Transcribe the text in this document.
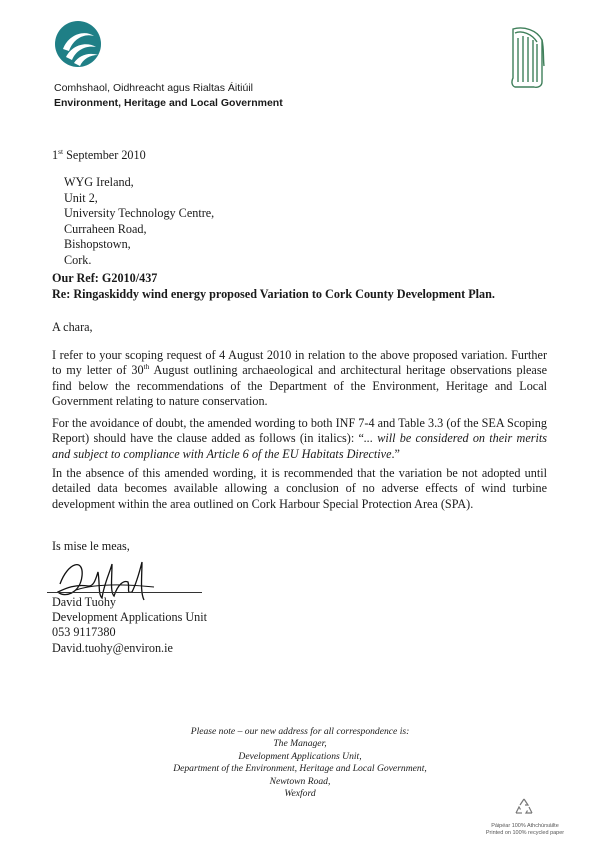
Comhshaol, Oidhreacht agus Rialtas Áitiúil
Environment, Heritage and Local Government
1st September 2010
WYG Ireland,
Unit 2,
University Technology Centre,
Curraheen Road,
Bishopstown,
Cork.
Our Ref: G2010/437
Re: Ringaskiddy wind energy proposed Variation to Cork County Development Plan.
A chara,
I refer to your scoping request of 4 August 2010 in relation to the above proposed variation. Further to my letter of 30th August outlining archaeological and architectural heritage observations please find below the recommendations of the Department of the Environment, Heritage and Local Government relating to nature conservation.
For the avoidance of doubt, the amended wording to both INF 7-4 and Table 3.3 (of the SEA Scoping Report) should have the clause added as follows (in italics): “... will be considered on their merits and subject to compliance with Article 6 of the EU Habitats Directive.”
In the absence of this amended wording, it is recommended that the variation be not adopted until detailed data becomes available allowing a conclusion of no adverse effects of wind turbine development within the area outlined on Cork Harbour Special Protection Area (SPA).
Is mise le meas,
David Tuohy
Development Applications Unit
053 9117380
David.tuohy@environ.ie
Please note – our new address for all correspondence is:
The Manager,
Development Applications Unit,
Department of the Environment, Heritage and Local Government,
Newtown Road,
Wexford
Páipéar 100% Athchúrsáilte
Printed on 100% recycled paper
